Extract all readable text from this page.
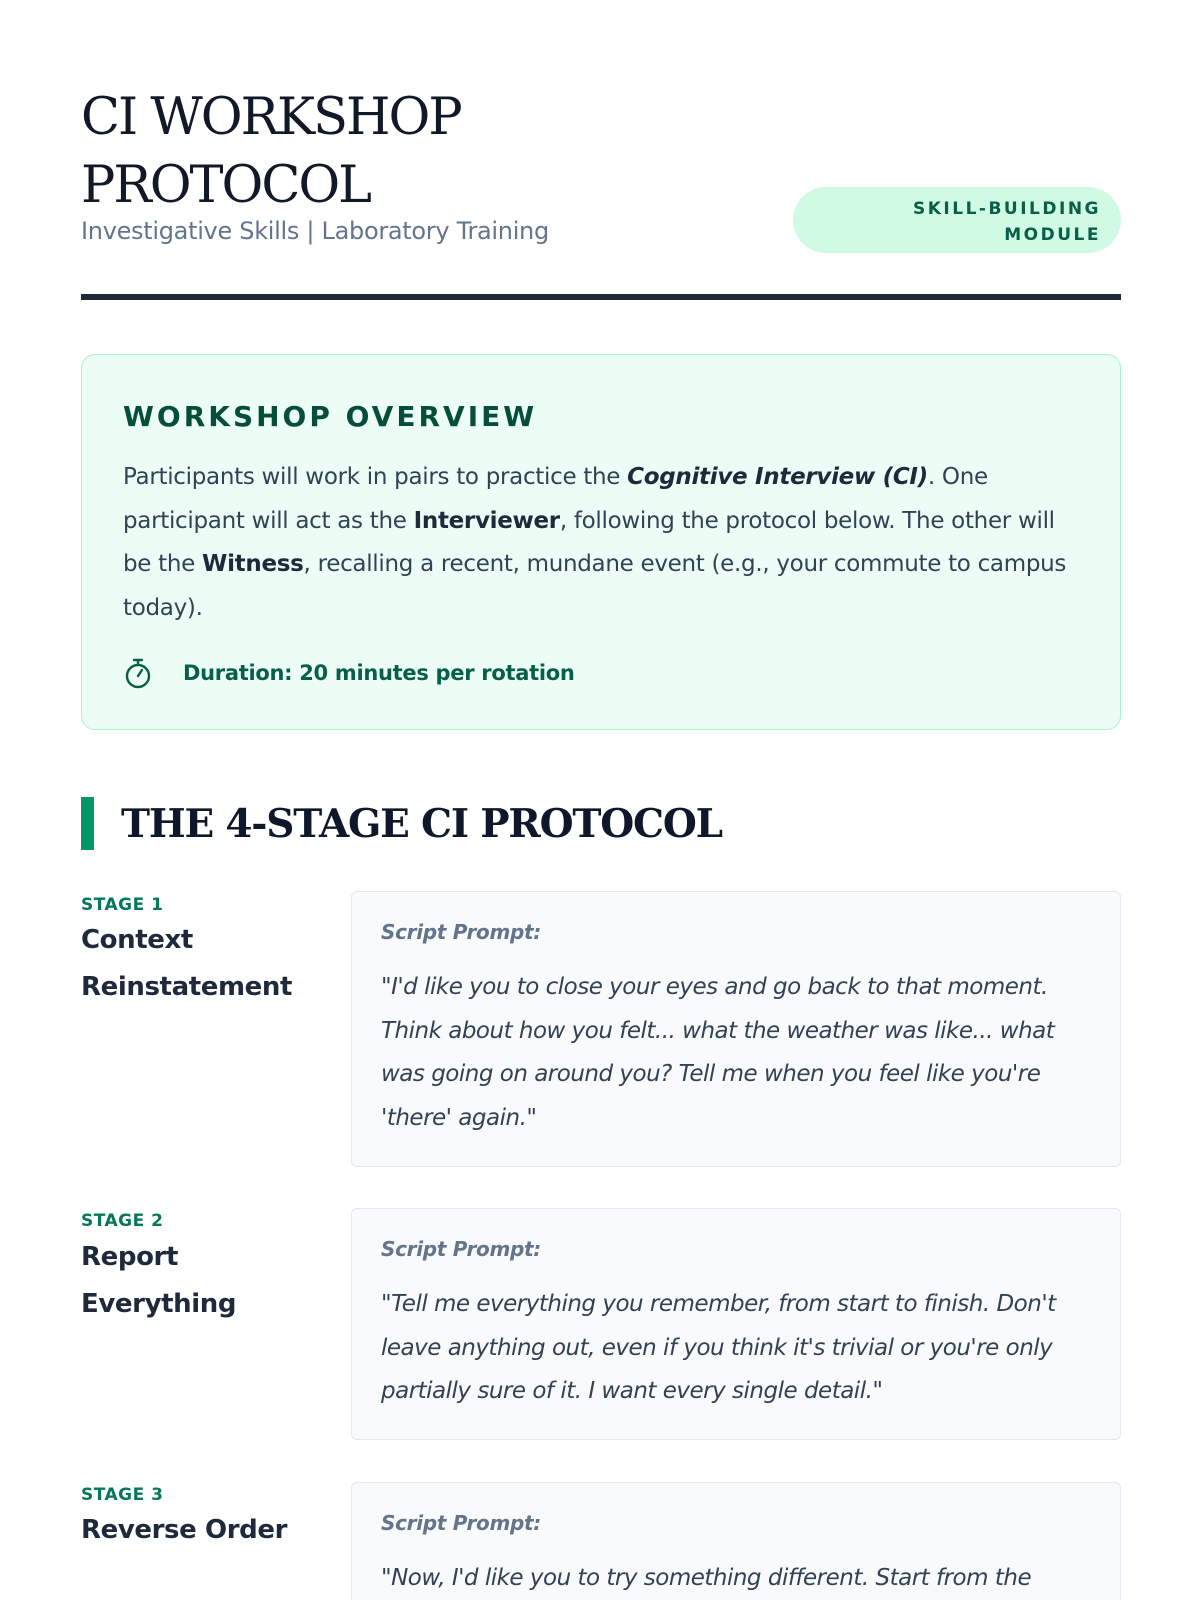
CI WORKSHOP
PROTOCOL
Investigative Skills | Laboratory Training
SKILL-BUILDING
MODULE
WORKSHOP OVERVIEW

Participants will work in pairs to practice the Cognitive Interview (CI). One participant will act as the Interviewer, following the protocol below. The other will be the Witness, recalling a recent, mundane event (e.g., your commute to campus today).

Duration: 20 minutes per rotation
THE 4-STAGE CI PROTOCOL
STAGE 1
Context Reinstatement
Script Prompt:

"I'd like you to close your eyes and go back to that moment. Think about how you felt... what the weather was like... what was going on around you? Tell me when you feel like you're 'there' again."

STAGE 2
Report Everything
Script Prompt:

"Tell me everything you remember, from start to finish. Don't leave anything out, even if you think it's trivial or you're only partially sure of it. I want every single detail."

STAGE 3
Reverse Order	Script Prompt:

"Now, I'd like you to try something different. Start from the
